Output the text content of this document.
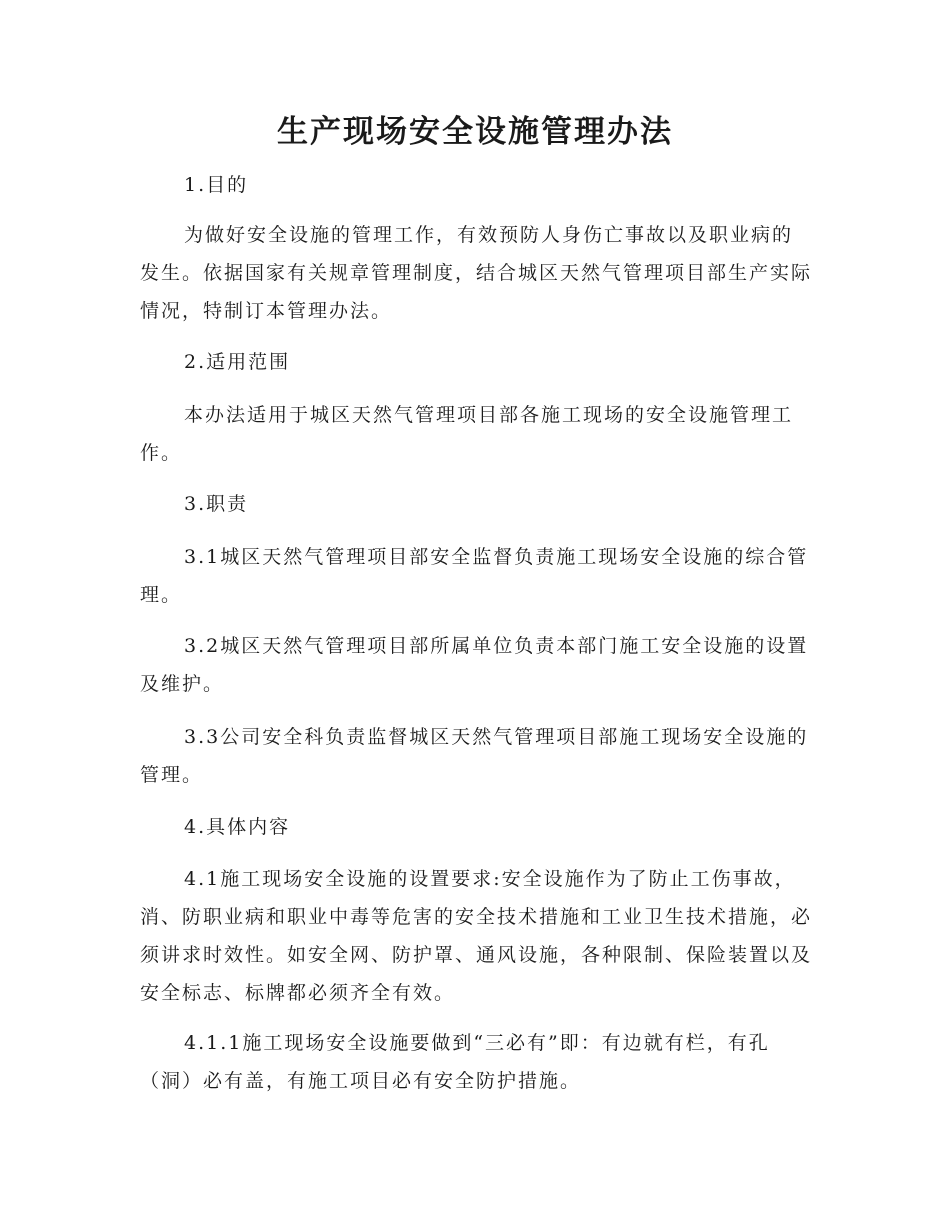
生产现场安全设施管理办法

1.目的

为做好安全设施的管理工作，有效预防人身伤亡事故以及职业病的发生。依据国家有关规章管理制度，结合城区天然气管理项目部生产实际情况，特制订本管理办法。

2.适用范围

本办法适用于城区天然气管理项目部各施工现场的安全设施管理工作。

3.职责

3.1城区天然气管理项目部安全监督负责施工现场安全设施的综合管理。

3.2城区天然气管理项目部所属单位负责本部门施工安全设施的设置及维护。

3.3公司安全科负责监督城区天然气管理项目部施工现场安全设施的管理。

4.具体内容

4.1施工现场安全设施的设置要求:安全设施作为了防止工伤事故，消、防职业病和职业中毒等危害的安全技术措施和工业卫生技术措施，必须讲求时效性。如安全网、防护罩、通风设施，各种限制、保险装置以及安全标志、标牌都必须齐全有效。

4.1.1施工现场安全设施要做到“三必有”即：有边就有栏，有孔（洞）必有盖，有施工项目必有安全防护措施。
